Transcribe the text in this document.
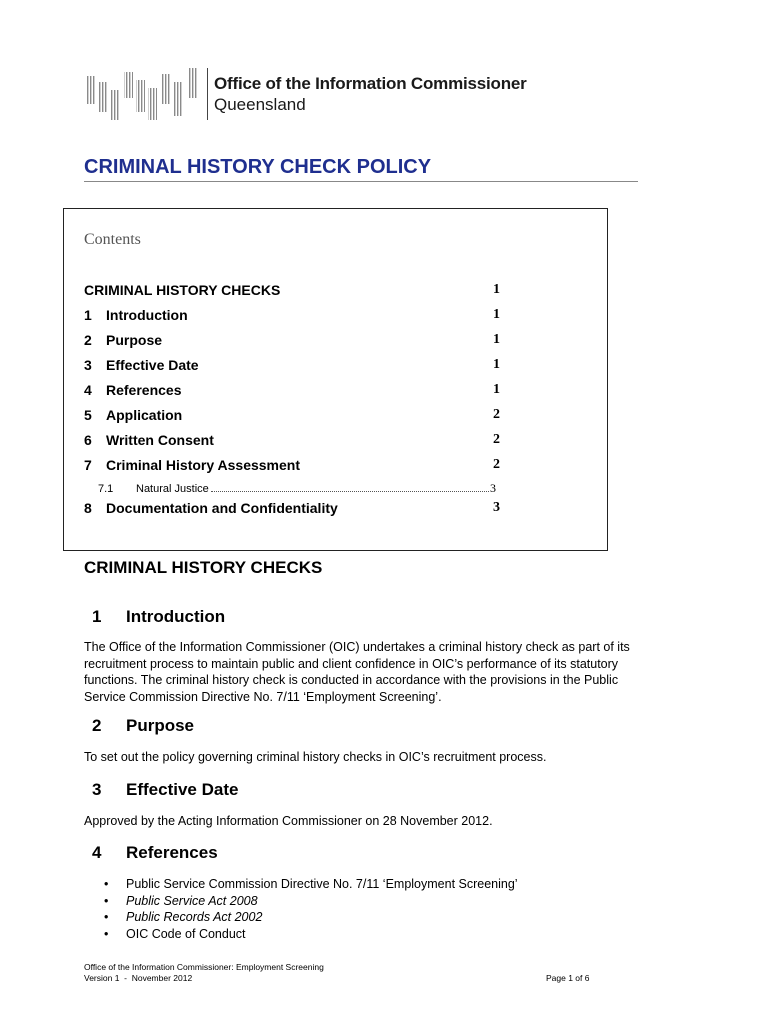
Office of the Information Commissioner
Queensland
CRIMINAL HISTORY CHECK POLICY
Contents
CRIMINAL HISTORY CHECKS	1
1 Introduction	1
2 Purpose	1
3 Effective Date	1
4 References	1
5 Application	2
6 Written Consent	2
7 Criminal History Assessment	2
7.1	Natural Justice	3
8 Documentation and Confidentiality	3
CRIMINAL HISTORY CHECKS
1 Introduction
The Office of the Information Commissioner (OIC) undertakes a criminal history check as part of its recruitment process to maintain public and client confidence in OIC’s performance of its statutory functions. The criminal history check is conducted in accordance with the provisions in the Public Service Commission Directive No. 7/11 ‘Employment Screening’.
2 Purpose
To set out the policy governing criminal history checks in OIC’s recruitment process.
3 Effective Date
Approved by the Acting Information Commissioner on 28 November 2012.
4 References
• Public Service Commission Directive No. 7/11 ‘Employment Screening’
• Public Service Act 2008
• Public Records Act 2002
• OIC Code of Conduct
Office of the Information Commissioner: Employment Screening
Version 1  -  November 2012	Page 1 of 6
